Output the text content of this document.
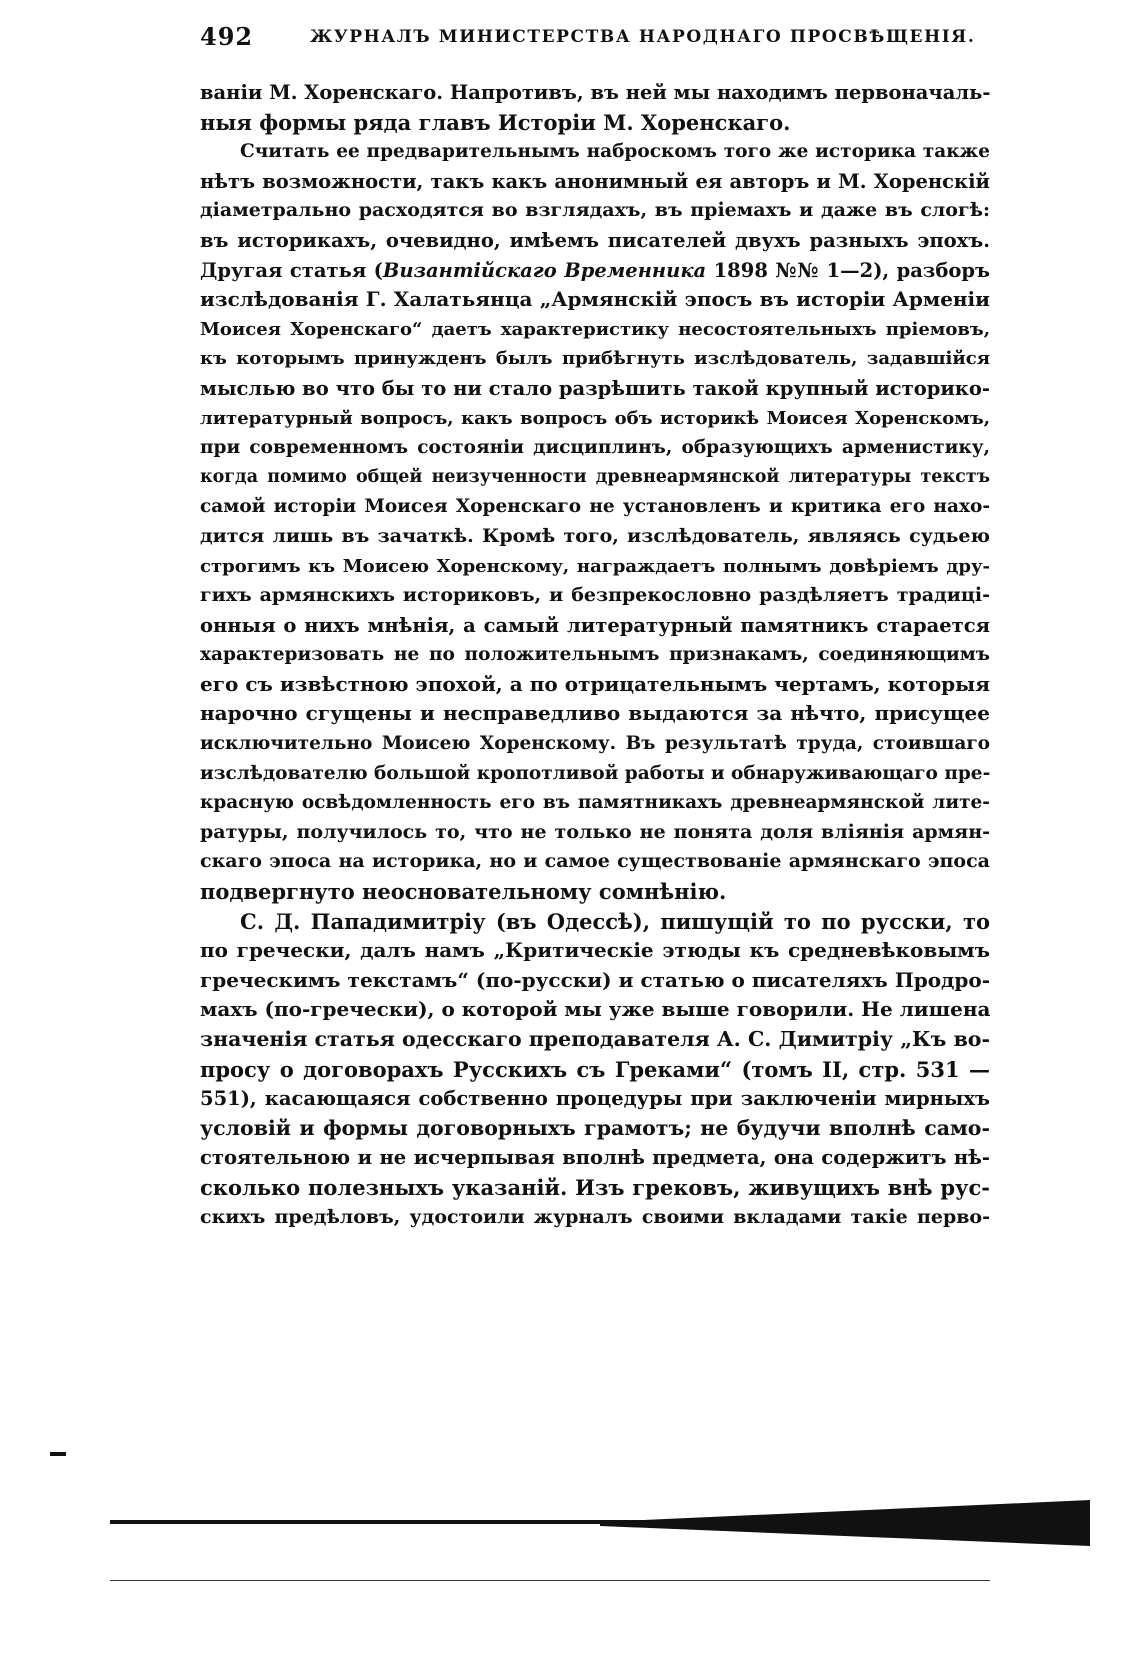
492	ЖУРНАЛЪ МИНИСТЕРСТВА НАРОДНАГО ПРОСВѢЩЕНІЯ.

ваніи М. Хоренскаго. Напротивъ, въ ней мы находимъ первоначаль-

ныя формы ряда главъ Исторіи М. Хоренскаго.

Считать ее предварительнымъ наброскомъ того же историка также

нѣтъ возможности, такъ какъ анонимный ея авторъ и М. Хоренскій

діаметрально расходятся во взглядахъ, въ пріемахъ и даже въ слогѣ:

въ историкахъ, очевидно, имѣемъ писателей двухъ разныхъ эпохъ.

Другая статья (Византійскаго Временника 1898 №№ 1—2), разборъ

изслѣдованія Г. Халатьянца „Армянскій эпосъ въ исторіи Арменіи

Моисея Хоренскаго“ даетъ характеристику несостоятельныхъ пріемовъ,

къ которымъ принужденъ былъ прибѣгнуть изслѣдователь, задавшійся

мыслью во что бы то ни стало разрѣшить такой крупный историко-

литературный вопросъ, какъ вопросъ объ историкѣ Моисея Хоренскомъ,

при современномъ состояніи дисциплинъ, образующихъ арменистику,

когда помимо общей неизученности древнеармянской литературы текстъ

самой исторіи Моисея Хоренскаго не установленъ и критика его нахо-

дится лишь въ зачаткѣ. Кромѣ того, изслѣдователь, являясь судьею

строгимъ къ Моисею Хоренскому, награждаетъ полнымъ довѣріемъ дру-

гихъ армянскихъ историковъ, и безпрекословно раздѣляетъ традиці-

онныя о нихъ мнѣнія, а самый литературный памятникъ старается

характеризовать не по положительнымъ признакамъ, соединяющимъ

его съ извѣстною эпохой, а по отрицательнымъ чертамъ, которыя

нарочно сгущены и несправедливо выдаются за нѣчто, присущее

исключительно Моисею Хоренскому. Въ результатѣ труда, стоившаго

изслѣдователю большой кропотливой работы и обнаруживающаго пре-

красную освѣдомленность его въ памятникахъ древнеармянской лите-

ратуры, получилось то, что не только не понята доля вліянія армян-

скаго эпоса на историка, но и самое существованіе армянскаго эпоса

подвергнуто неосновательному сомнѣнію.

С. Д. Пападимитріу (въ Одессѣ), пишущій то по русски, то

по гречески, далъ намъ „Критическіе этюды къ средневѣковымъ

греческимъ текстамъ“ (по-русски) и статью о писателяхъ Продро-

махъ (по-гречески), о которой мы уже выше говорили. Не лишена

значенія статья одесскаго преподавателя А. С. Димитріу „Къ во-

просу о договорахъ Русскихъ съ Греками“ (томъ II, стр. 531 —

551), касающаяся собственно процедуры при заключеніи мирныхъ

условій и формы договорныхъ грамотъ; не будучи вполнѣ само-

стоятельною и не исчерпывая вполнѣ предмета, она содержитъ нѣ-

сколько полезныхъ указаній. Изъ грековъ, живущихъ внѣ рус-

скихъ предѣловъ, удостоили журналъ своими вкладами такіе перво-
